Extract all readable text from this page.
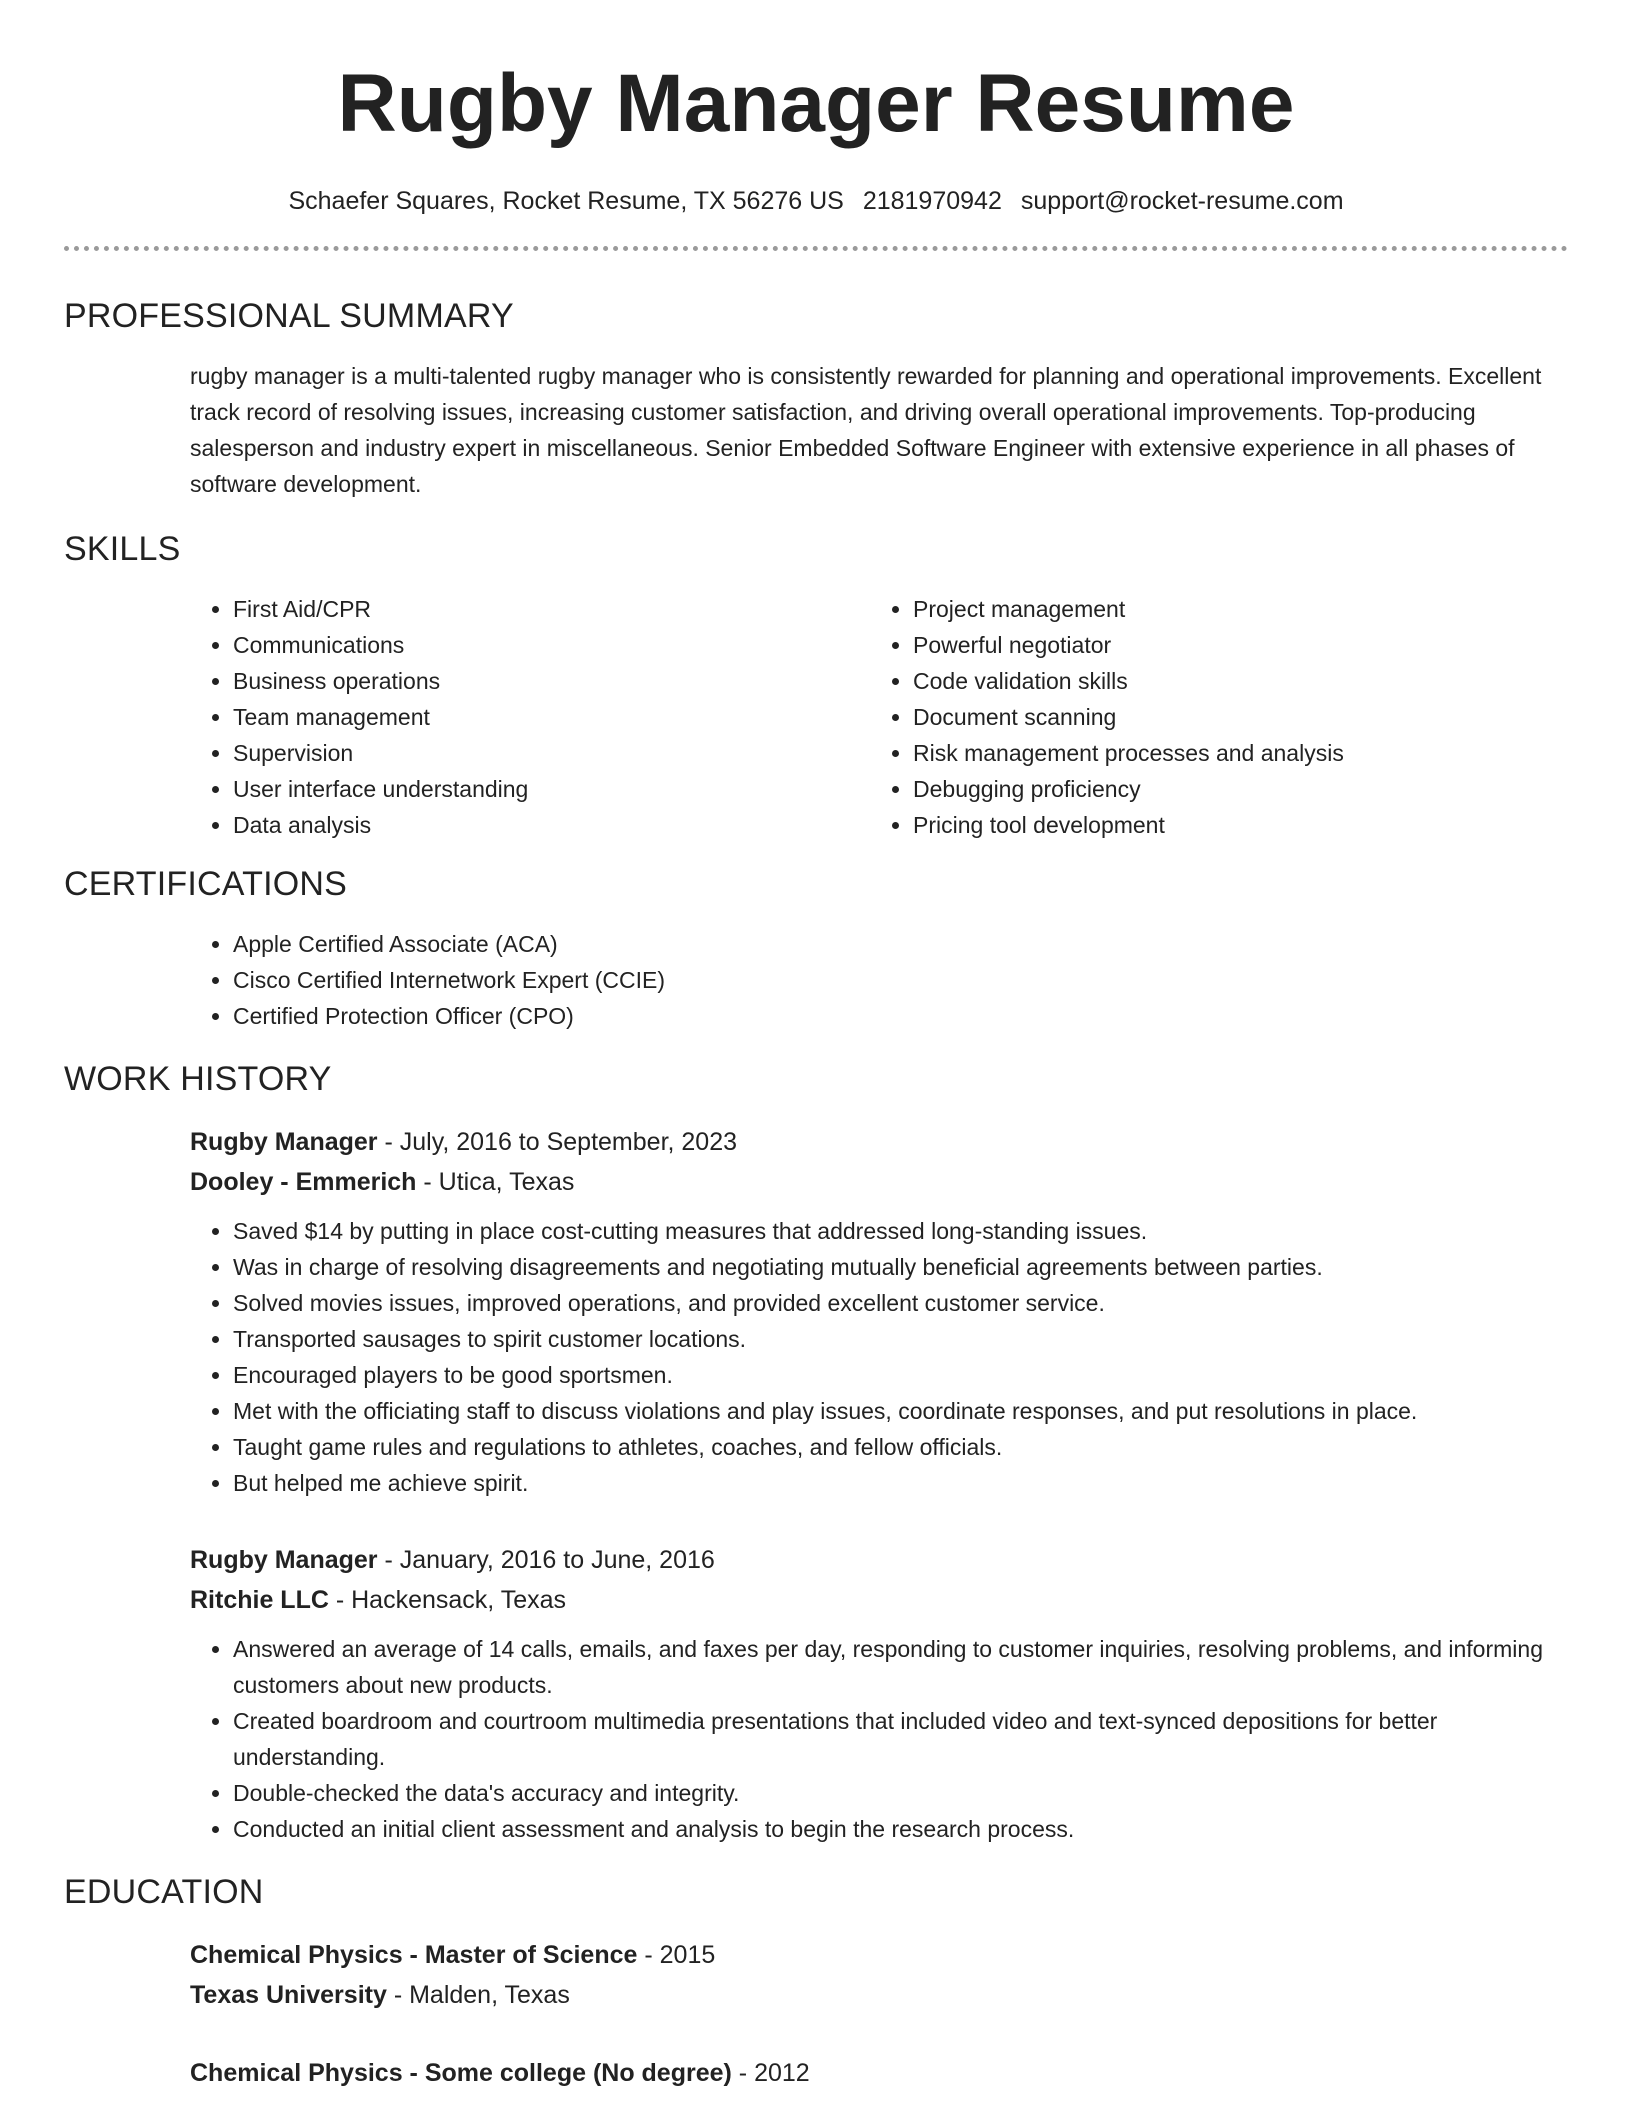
Rugby Manager Resume
Schaefer Squares, Rocket Resume, TX 56276 US 2181970942 support@rocket-resume.com
PROFESSIONAL SUMMARY
rugby manager is a multi-talented rugby manager who is consistently rewarded for planning and operational improvements. Excellent track record of resolving issues, increasing customer satisfaction, and driving overall operational improvements. Top-producing salesperson and industry expert in miscellaneous. Senior Embedded Software Engineer with extensive experience in all phases of software development.
SKILLS
• First Aid/CPR
• Communications
• Business operations
• Team management
• Supervision
• User interface understanding
• Data analysis
• Project management
• Powerful negotiator
• Code validation skills
• Document scanning
• Risk management processes and analysis
• Debugging proficiency
• Pricing tool development
CERTIFICATIONS
• Apple Certified Associate (ACA)
• Cisco Certified Internetwork Expert (CCIE)
• Certified Protection Officer (CPO)
WORK HISTORY
Rugby Manager - July, 2016 to September, 2023
Dooley - Emmerich - Utica, Texas
• Saved $14 by putting in place cost-cutting measures that addressed long-standing issues.
• Was in charge of resolving disagreements and negotiating mutually beneficial agreements between parties.
• Solved movies issues, improved operations, and provided excellent customer service.
• Transported sausages to spirit customer locations.
• Encouraged players to be good sportsmen.
• Met with the officiating staff to discuss violations and play issues, coordinate responses, and put resolutions in place.
• Taught game rules and regulations to athletes, coaches, and fellow officials.
• But helped me achieve spirit.
Rugby Manager - January, 2016 to June, 2016
Ritchie LLC - Hackensack, Texas
• Answered an average of 14 calls, emails, and faxes per day, responding to customer inquiries, resolving problems, and informing customers about new products.
• Created boardroom and courtroom multimedia presentations that included video and text-synced depositions for better understanding.
• Double-checked the data's accuracy and integrity.
• Conducted an initial client assessment and analysis to begin the research process.
EDUCATION
Chemical Physics - Master of Science - 2015
Texas University - Malden, Texas
Chemical Physics - Some college (No degree) - 2012
